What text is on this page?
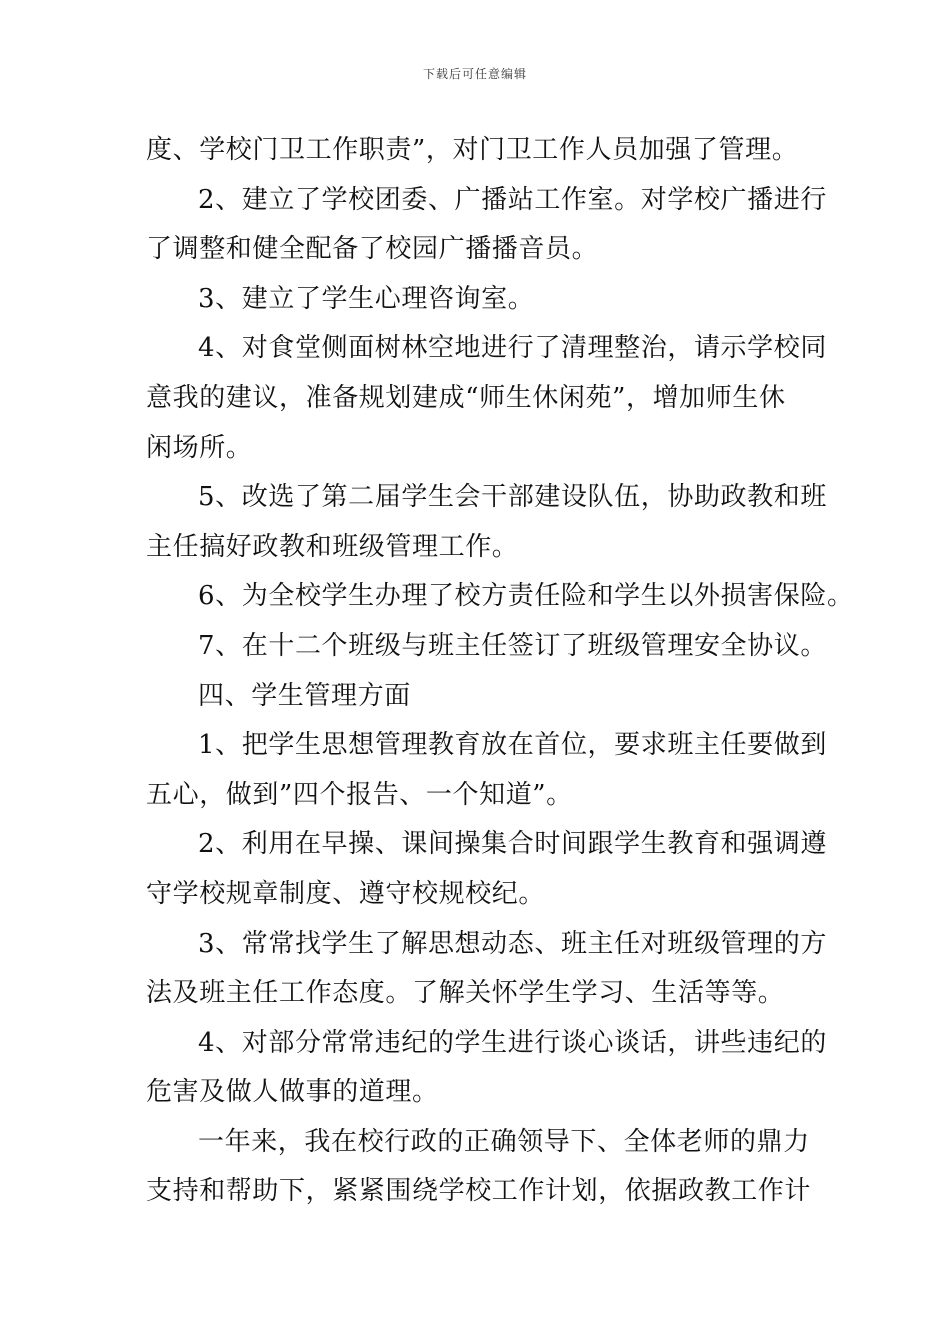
下载后可任意编辑

度、学校门卫工作职责”，对门卫工作人员加强了管理。

2、建立了学校团委、广播站工作室。对学校广播进行
了调整和健全配备了校园广播播音员。

3、建立了学生心理咨询室。

4、对食堂侧面树林空地进行了清理整治，请示学校同
意我的建议，准备规划建成“师生休闲苑”，增加师生休
闲场所。

5、改选了第二届学生会干部建设队伍，协助政教和班
主任搞好政教和班级管理工作。

6、为全校学生办理了校方责任险和学生以外损害保险。

7、在十二个班级与班主任签订了班级管理安全协议。

四、学生管理方面

1、把学生思想管理教育放在首位，要求班主任要做到
五心，做到”四个报告、一个知道”。

2、利用在早操、课间操集合时间跟学生教育和强调遵
守学校规章制度、遵守校规校纪。

3、常常找学生了解思想动态、班主任对班级管理的方
法及班主任工作态度。了解关怀学生学习、生活等等。

4、对部分常常违纪的学生进行谈心谈话，讲些违纪的
危害及做人做事的道理。

一年来，我在校行政的正确领导下、全体老师的鼎力
支持和帮助下，紧紧围绕学校工作计划，依据政教工作计
